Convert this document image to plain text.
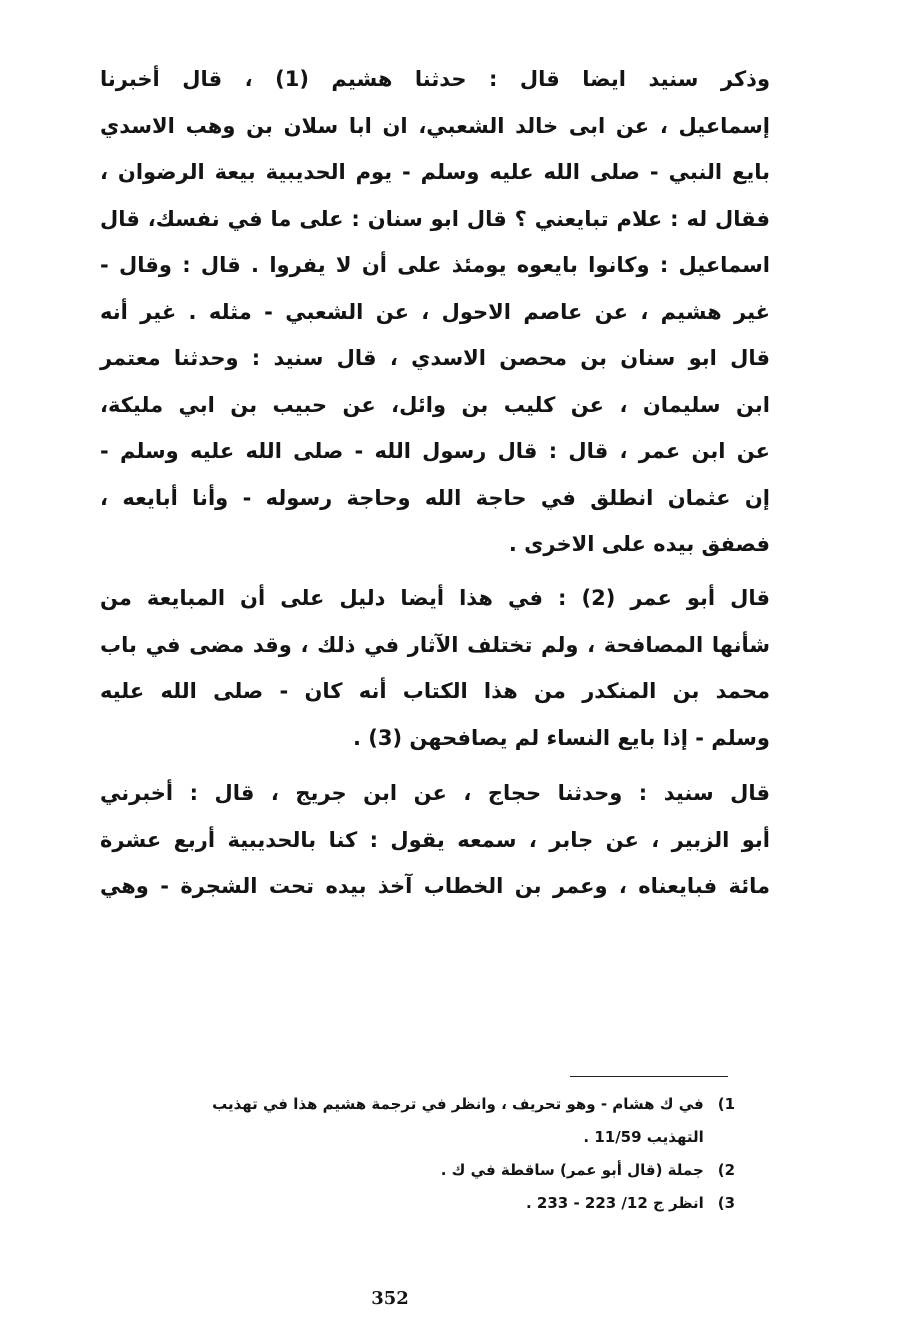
وذكر سنيد ايضا قال : حدثنا هشيم (1) ، قال أخبرنا
إسماعيل ، عن ابى خالد الشعبي، ان ابا سلان بن وهب الاسدي
بايع النبي - صلى الله عليه وسلم - يوم الحديبية بيعة الرضوان ،
فقال له : علام تبايعني ؟ قال ابو سنان : على ما في نفسك، قال
اسماعيل : وكانوا بايعوه يومئذ على أن لا يفروا . قال : وقال -
غير هشيم ، عن عاصم الاحول ، عن الشعبي - مثله . غير أنه
قال ابو سنان بن محصن الاسدي ، قال سنيد : وحدثنا معتمر
ابن سليمان ، عن كليب بن وائل، عن حبيب بن ابي مليكة،
عن ابن عمر ، قال : قال رسول الله - صلى الله عليه وسلم -
إن عثمان انطلق في حاجة الله وحاجة رسوله - وأنا أبايعه ،
فصفق بيده على الاخرى .
قال أبو عمر (2) : في هذا أيضا دليل على أن المبايعة من
شأنها المصافحة ، ولم تختلف الآثار في ذلك ، وقد مضى في باب
محمد بن المنكدر من هذا الكتاب أنه كان - صلى الله عليه
وسلم - إذا بايع النساء لم يصافحهن (3) .
قال سنيد : وحدثنا حجاج ، عن ابن جريج ، قال : أخبرني
أبو الزبير ، عن جابر ، سمعه يقول : كنا بالحديبية أربع عشرة
مائة فبايعناه ، وعمر بن الخطاب آخذ بيده تحت الشجرة - وهي
1) في ك هشام - وهو تحريف ، وانظر في ترجمة هشيم هذا في تهذيب
التهذيب 11/59 .
2) جملة (قال أبو عمر) ساقطة في ك .
3) انظر ج 12/ 223 - 233 .
352
